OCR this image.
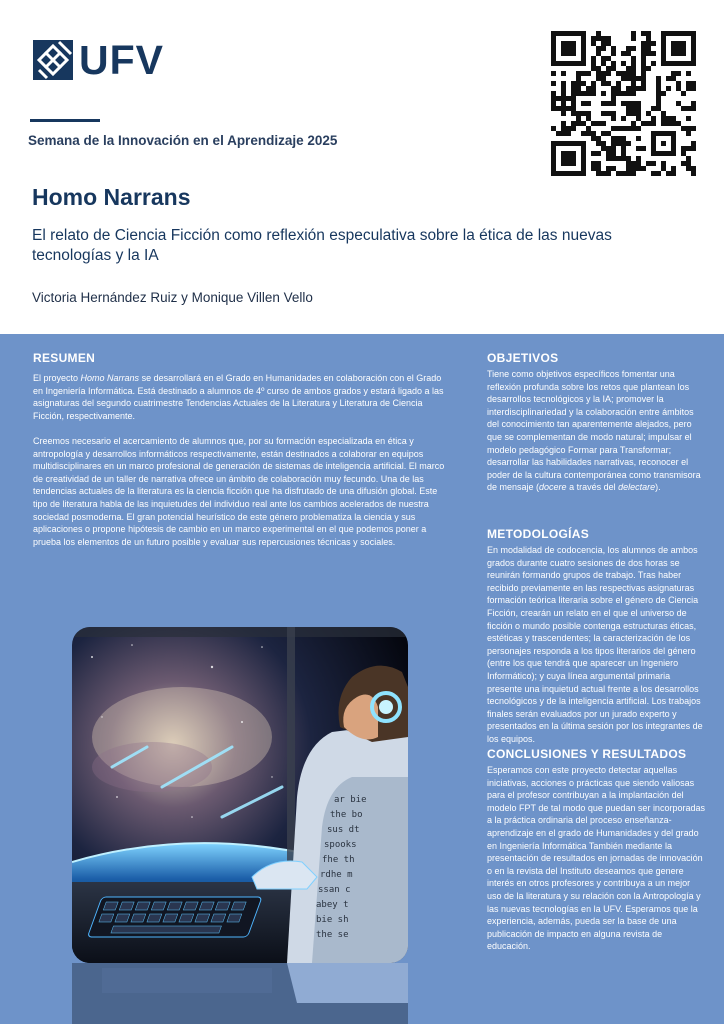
UFV
Semana de la Innovación en el Aprendizaje 2025
Homo Narrans
El relato de Ciencia Ficción como reflexión especulativa sobre la ética de las nuevas tecnologías y la IA
Victoria Hernández Ruiz y Monique Villen Vello
RESUMEN

El proyecto Homo Narrans se desarrollará en el Grado en Humanidades en colaboración con el Grado en Ingeniería Informática. Está destinado a alumnos de 4º curso de ambos grados y estará ligado a las asignaturas del segundo cuatrimestre Tendencias Actuales de la Literatura y Literatura de Ciencia Ficción, respectivamente.

Creemos necesario el acercamiento de alumnos que, por su formación especializada en ética y antropología y desarrollos informáticos respectivamente, están destinados a colaborar en equipos multidisciplinares en un marco profesional de generación de sistemas de inteligencia artificial. El marco de creatividad de un taller de narrativa ofrece un ámbito de colaboración muy fecundo. Una de las tendencias actuales de la literatura es la ciencia ficción que ha disfrutado de una difusión global. Este tipo de literatura habla de las inquietudes del individuo real ante los cambios acelerados de nuestra sociedad posmoderna. El gran potencial heurístico de este género problematiza la ciencia y sus aplicaciones o propone hipótesis de cambio en un marco experimental en el que podemos poner a prueba los elementos de un futuro posible y evaluar sus repercusiones técnicas y sociales.

OBJETIVOS
Tiene como objetivos específicos fomentar una reflexión profunda sobre los retos que plantean los desarrollos tecnológicos y la IA; promover la interdisciplinariedad y la colaboración entre ámbitos del conocimiento tan aparentemente alejados, pero que se complementan de modo natural; impulsar el modelo pedagógico Formar para Transformar; desarrollar las habilidades narrativas, reconocer el poder de la cultura contemporánea como transmisora de mensaje (docere a través del delectare).
METODOLOGÍAS
En modalidad de codocencia, los alumnos de ambos grados durante cuatro sesiones de dos horas se reunirán formando grupos de trabajo. Tras haber recibido previamente en las respectivas asignaturas formación teórica literaria sobre el género de Ciencia Ficción, crearán un relato en el que el universo de ficción o mundo posible contenga estructuras éticas, estéticas y trascendentes; la caracterización de los personajes responda a los tipos literarios del género (entre los que tendrá que aparecer un Ingeniero Informático); y cuya línea argumental primaria presente una inquietud actual frente a los desarrollos tecnológicos y de la inteligencia artificial. Los trabajos finales serán evaluados por un jurado experto y presentados en la última sesión por los integrantes de los equipos.
CONCLUSIONES Y RESULTADOS
Esperamos con este proyecto detectar aquellas iniciativas, acciones o prácticas que siendo valiosas para el profesor contribuyan a la implantación del modelo FPT de tal modo que puedan ser incorporadas a la práctica ordinaria del proceso enseñanza-aprendizaje en el grado de Humanidades y del grado en Ingeniería Informática También mediante la presentación de resultados en jornadas de innovación o en la revista del Instituto deseamos que genere interés en otros profesores y contribuya a un mejor uso de la literatura y su relación con la Antropología y las nuevas tecnologías en la UFV. Esperamos que la experiencia, además, pueda ser la base de una publicación de impacto en alguna revista de educación.
ar bie
the bo
sus dt
spooks
fhe th
rdhe m
ssan c
abey t
bie sh
the se
